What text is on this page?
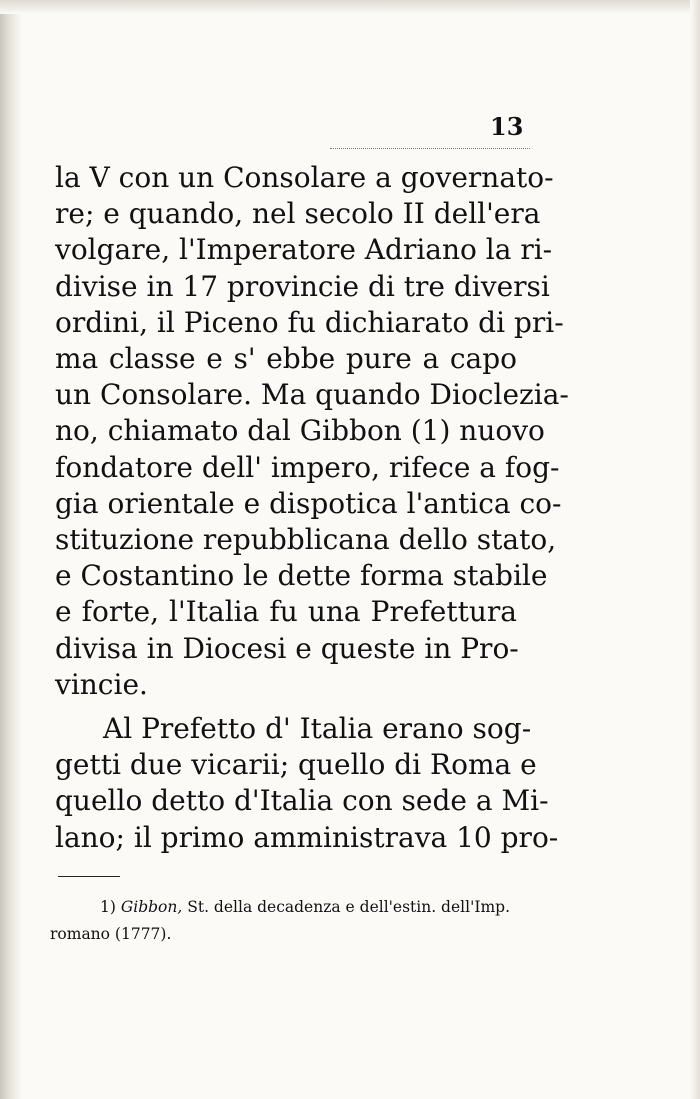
13
la V con un Consolare a governato-
re; e quando, nel secolo II dell'era
volgare, l'Imperatore Adriano la ri-
divise in 17 provincie di tre diversi
ordini, il Piceno fu dichiarato di pri-
ma classe e s' ebbe pure a capo
un Consolare. Ma quando Diocleziа-
no, chiamato dal Gibbon (1) nuovo
fondatore dell' impero, rifece a fog-
gia orientale e dispotica l'antica co-
stituzione repubblicana dello stato,
e Costantino le dette forma stabile
e forte, l'Italia fu una Prefettura
divisa in Diocesi e queste in Pro-
vincie.
Al Prefetto d' Italia erano sog-
getti due vicarii; quello di Roma e
quello detto d'Italia con sede a Mi-
lano; il primo amministrava 10 pro-
1) Gibbon, St. della decadenza e dell'estin. dell'Imp.
romano (1777).
